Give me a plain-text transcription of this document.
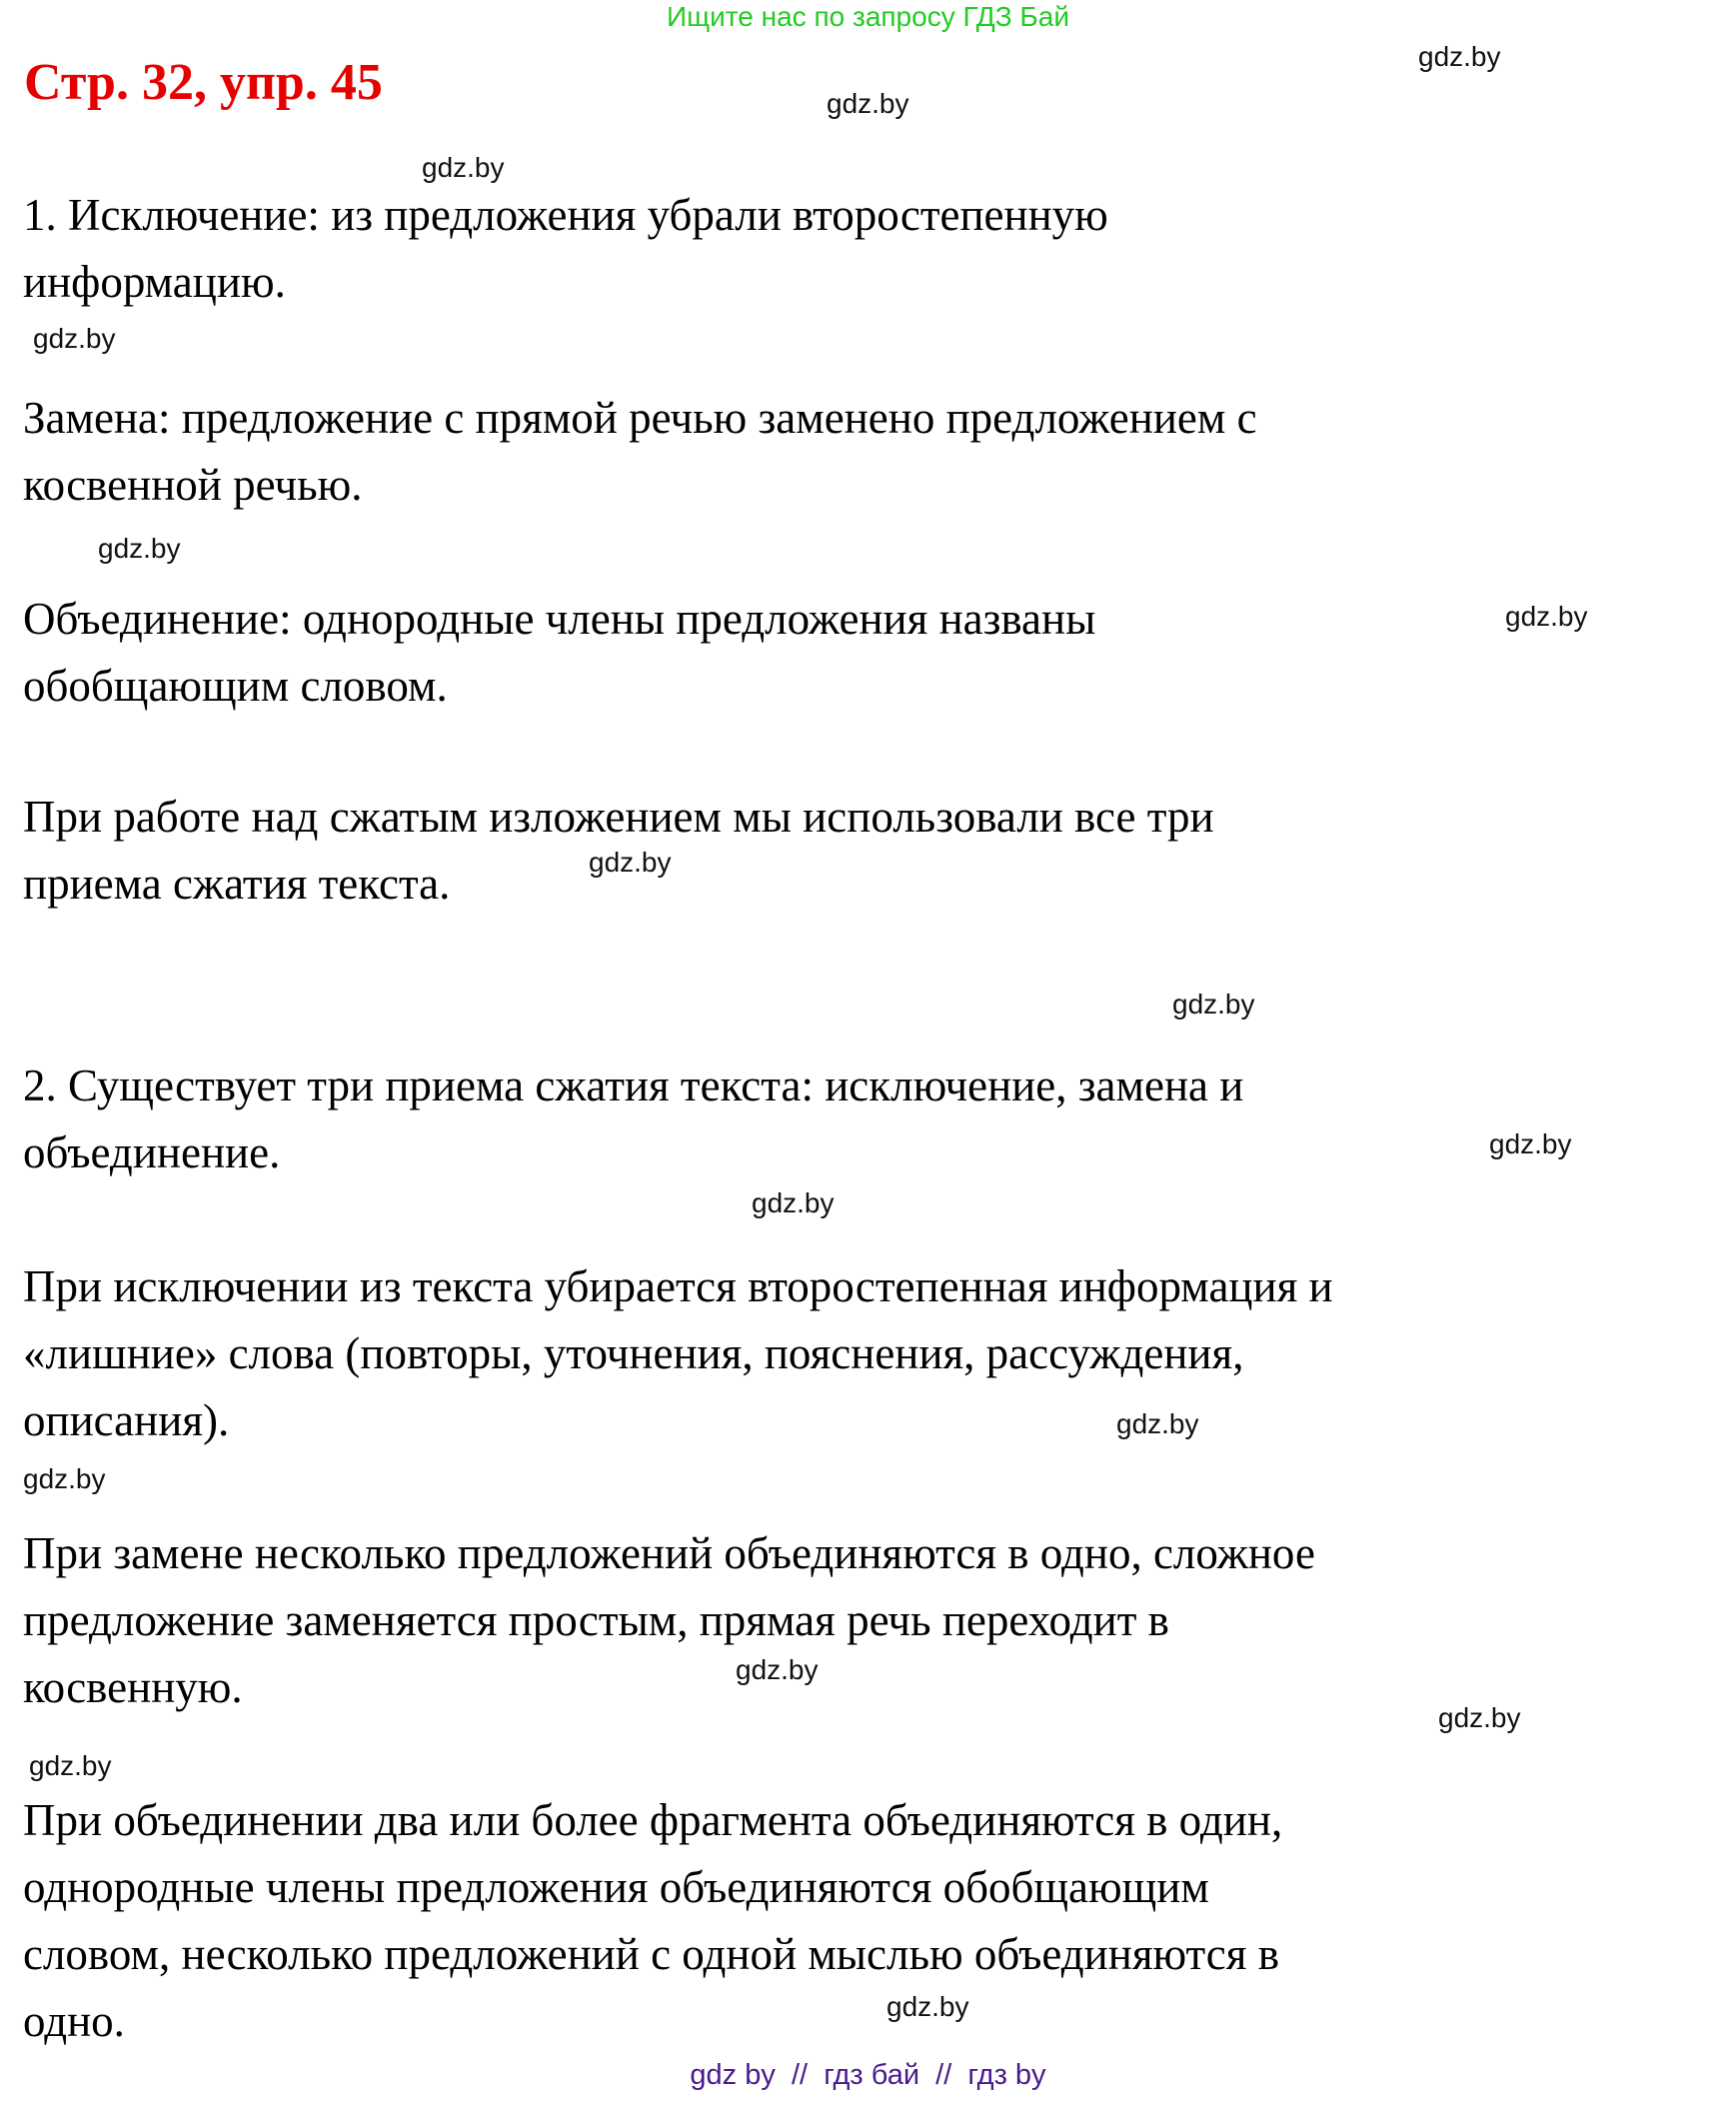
Ищите нас по запросу ГДЗ Бай
Стр. 32, упр. 45
1. Исключение: из предложения убрали второстепенную
информацию.
Замена: предложение с прямой речью заменено предложением с
косвенной речью.
Объединение: однородные члены предложения названы
обобщающим словом.
При работе над сжатым изложением мы использовали все три
приема сжатия текста.
2. Существует три приема сжатия текста: исключение, замена и
объединение.
При исключении из текста убирается второстепенная информация и
«лишние» слова (повторы, уточнения, пояснения, рассуждения,
описания).
При замене несколько предложений объединяются в одно, сложное
предложение заменяется простым, прямая речь переходит в
косвенную.
При объединении два или более фрагмента объединяются в один,
однородные члены предложения объединяются обобщающим
словом, несколько предложений с одной мыслью объединяются в
одно.
gdz.by
gdz.by
gdz.by
gdz.by
gdz.by
gdz.by
gdz.by
gdz.by
gdz.by
gdz.by
gdz.by
gdz.by
gdz.by
gdz.by
gdz.by
gdz.by
gdz by  //  гдз бай  //  гдз by
